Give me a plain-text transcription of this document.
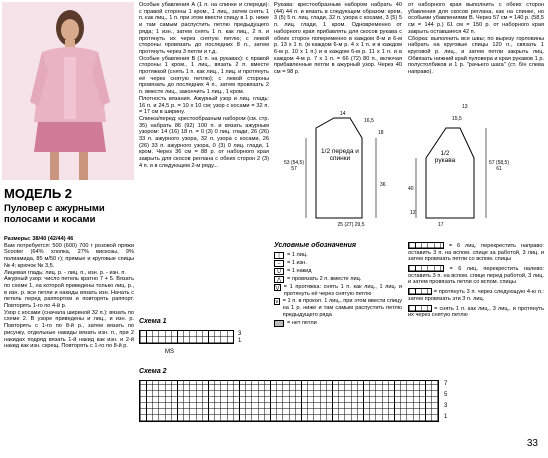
МОДЕЛЬ 2
Пуловер с ажурными полосами и косами
Размеры: 38/40 (42/44) 46
Вам потребуется: 500 (600) 700 г розовой пряжи Scooter (64% хлопка, 27% вискозы, 9% полиамида, 85 м/50 г); прямые и круговые спицы № 4; крючок № 3,5.
Лицевая гладь: лиц. р. - лиц. п., изн. р. - изн. п.
Ажурный узор: число петель кратно 7 + 5. Вязать по схеме 1, на которой приведены только лиц. р., в изн. р. все петли и накиды вязать изн. Начать с петель перед раппортом и повторять раппорт. Повторять 1-го по 4-й р.
Узор с косами (сначала шириной 32 п.): вязать по схеме 2. В узоре приведены и лиц., и изн. р. Повторять с 1-го по 8-й р., затем вязать по рисунку, отдельные накиды вязать изн. п., при 2 накидах подряд вязать 1-й накид как изн. и 2-й накид как изн. скрещ. Повторять с 1-го по 8-й р.
Особые убавления А (1 п. на спинке и спереди): с правой стороны 1 кром., 1 лиц., затем снять 1 п. как лиц., 1 п. при этом ввести спицу в 1 р. ниже и там самым распустить петлю предыдущего ряда; 1 изн., затем снять 1 п. как лиц., 2 п. и протянуть их через снятую петлю; с левой стороны провязать до последних 8 п., затем протянуть через 3 петли и т.д.
Особые убавления В (1 п. на рукавах): с правой стороны 1 кром., 1 лиц., вязать 2 п. вместе протяжкой (снять 1 п. как лиц., 1 лиц. и протянуть её через снятую петлю); с левой стороны провязать до последних 4 п., затем провязать 2 п. вместе лиц., закончить 1 лиц., 1 кром.
Плотность вязания. Ажурный узор и лиц. гладь: 16 п. и 24,5 р. = 10 х 10 см; узор с косами = 32 п. = 17 см в ширину.
Спинка/перед: крестообразным набором (см. стр. 35) набрать 86 (92) 100 п. и вязать ажурным узором: 14 (16) 18 п. = 0 (3) 0 лиц. глади, 26 (26) 33 п. ажурного узора, 32 п. узора с косами, 26 (26) 33 п. ажурного узора, 0 (3) 0 лиц. глади, 1 кром. Через 36 см = 88 р. от наборного края закрыть для скосов реглана с обеих сторон 2 (3) 4 п. и в следующем 2-м ряду...
Рукава: крестообразным набором набрать 40 (44) 44 п. и вязать в следующем образом: крем, 3 (5) 5 п. лиц. глади, 32 п. узора с косами, 3 (5) 5 п. лиц. глади, 1 кром. Одновременно от наборного края прибавлять для скосов рукава с обеих сторон попеременно в каждом 8-м и 6-м р. 13 x 1 п. (в каждом 6-м р. 4 x 1 п. и в каждом 6-м р. 10 x 1 п.) и в каждом 6-м р. 11 x 1 п. и в каждом 4-м р. 7 x 1 п. = 66 (72) 80 п., включая прибавленные петли в ажурный узор. Через 40 см = 98 р.
от наборного края выполнить с обеих сторон убавления для скосов реглана, как на спинке, но особыми убавлениями В. Через 57 см = 140 р. (58,5 см = 144 р.) 61 см = 150 р. от наборного края закрыть оставшиеся 42 п.
Сборка: выполнить все швы; по вырезу горловины набрать на круговые спицы 120 п., связать 1 круговой р. лиц., и затем петли закрыть лиц. Обвязать нижний край пуловера и края рукавов 1 р. полустолбиков и 1 р. "рачьего шага" (ст. б/н слева направо).
1/2 переда и спинки
1/2 рукава
14
16,5
18
53 (54,5) 57
36
25 (27) 29,5
15,5
57 (58,5) 61
40
17
13
12
Условные обозначения
|	= 1 лиц.
–	= 1 изн.
U	= 1 накид
⋀	= провязать 2 п. вместе лиц.
⋁ = 1 протяжка: снять 1 п. как лиц., 1 лиц. и протянуть её через снятую петлю
∨ = 1 п. в прокол. 1 лиц., при этом ввести спицу на 1 р. ниже и там самым распустить петлю предыдущего ряда
= нет петли
= 6 лиц. перекрестить направо: оставить 3 п. на вспом. спице за работой, 3 лиц. и затем провязать петли со вспом. спицы
= 6 лиц. перекрестить налево: оставить 3 п. на вспом. спице перед работой, 3 лиц. и затем провязать петли со вспом. спицы
= протянуть 3 п. через следующую 4-ю п.: затем провязать эти 3 п. лиц.
= снять 1 п. как лиц., 3 лиц., и протянуть их через снятую петлю
Схема 1
3
1
MS
Схема 2
7
5
3
1
33
